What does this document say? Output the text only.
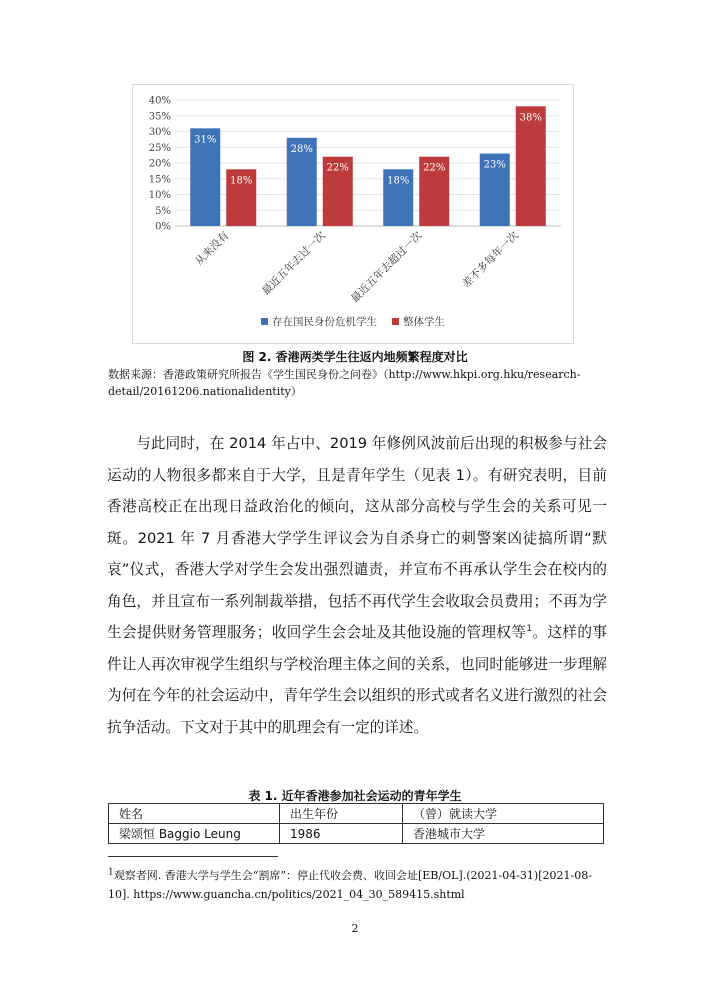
0%
5%
10%
15%
20%
25%
30%
35%
40%
31%
18%
从来没有
28%
22%
最近五年去过一次
18%
22%
最近五年去超过一次
23%
38%
差不多每年一次
存在国民身份危机学生 整体学生
图 2. 香港两类学生往返内地频繁程度对比
数据来源：香港政策研究所报告《学生国民身份之问卷》（http://www.hkpi.org.hku/research-detail/20161206.nationalidentity）

与此同时，在 2014 年占中、2019 年修例风波前后出现的积极参与社会运动的人物很多都来自于大学，且是青年学生（见表 1）。有研究表明，目前香港高校正在出现日益政治化的倾向，这从部分高校与学生会的关系可见一斑。2021 年 7 月香港大学学生评议会为自杀身亡的刺警案凶徒搞所谓“默哀”仪式，香港大学对学生会发出强烈谴责，并宣布不再承认学生会在校内的角色，并且宣布一系列制裁举措，包括不再代学生会收取会员费用；不再为学生会提供财务管理服务；收回学生会会址及其他设施的管理权等$^1$。这样的事件让人再次审视学生组织与学校治理主体之间的关系，也同时能够进一步理解为何在今年的社会运动中，青年学生会以组织的形式或者名义进行激烈的社会抗争活动。下文对于其中的肌理会有一定的详述。

表 1. 近年香港参加社会运动的青年学生
姓名	出生年份	（曾）就读大学
梁颂恒 Baggio Leung	1986	香港城市大学
$^1$观察者网. 香港大学与学生会“割席”：停止代收会费、收回会址[EB/OL].(2021-04-31)[2021-08-10]. https://www.guancha.cn/politics/2021_04_30_589415.shtml
2
